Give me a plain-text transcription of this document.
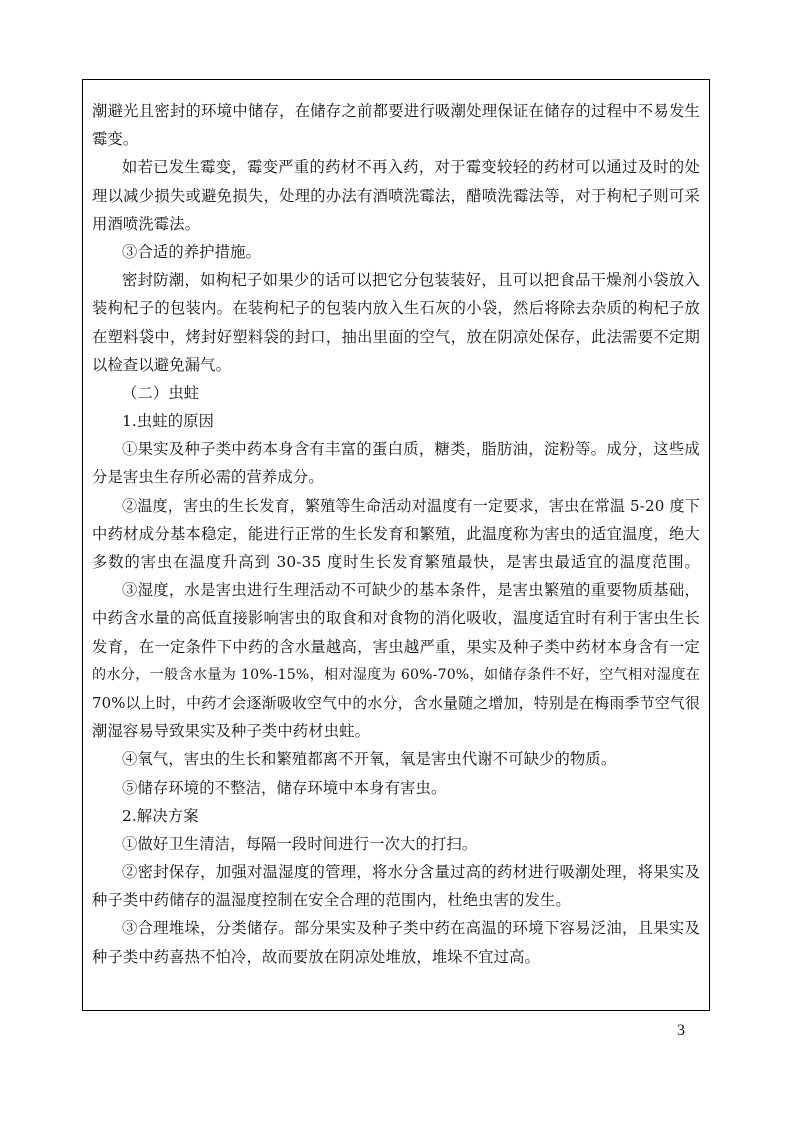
潮避光且密封的环境中储存，在储存之前都要进行吸潮处理保证在储存的过程中不易发生
霉变。
如若已发生霉变，霉变严重的药材不再入药，对于霉变较轻的药材可以通过及时的处
理以减少损失或避免损失，处理的办法有酒喷洗霉法，醋喷洗霉法等，对于枸杞子则可采
用酒喷洗霉法。
③合适的养护措施。
密封防潮，如枸杞子如果少的话可以把它分包装装好，且可以把食品干燥剂小袋放入
装枸杞子的包装内。在装枸杞子的包装内放入生石灰的小袋，然后将除去杂质的枸杞子放
在塑料袋中，烤封好塑料袋的封口，抽出里面的空气，放在阴凉处保存，此法需要不定期
以检查以避免漏气。
（二）虫蛀
1.虫蛀的原因
①果实及种子类中药本身含有丰富的蛋白质，糖类，脂肪油，淀粉等。成分，这些成
分是害虫生存所必需的营养成分。
②温度，害虫的生长发育，繁殖等生命活动对温度有一定要求，害虫在常温 5-20 度下
中药材成分基本稳定，能进行正常的生长发育和繁殖，此温度称为害虫的适宜温度，绝大
多数的害虫在温度升高到 30-35 度时生长发育繁殖最快，是害虫最适宜的温度范围。
③湿度，水是害虫进行生理活动不可缺少的基本条件，是害虫繁殖的重要物质基础，
中药含水量的高低直接影响害虫的取食和对食物的消化吸收，温度适宜时有利于害虫生长
发育，在一定条件下中药的含水量越高，害虫越严重，果实及种子类中药材本身含有一定
的水分，一般含水量为 10%-15%，相对湿度为 60%-70%，如储存条件不好，空气相对湿度在
70%以上时，中药才会逐渐吸收空气中的水分，含水量随之增加，特别是在梅雨季节空气很
潮湿容易导致果实及种子类中药材虫蛀。
④氧气，害虫的生长和繁殖都离不开氧，氧是害虫代谢不可缺少的物质。
⑤储存环境的不整洁，储存环境中本身有害虫。
2.解决方案
①做好卫生清洁，每隔一段时间进行一次大的打扫。
②密封保存，加强对温湿度的管理，将水分含量过高的药材进行吸潮处理，将果实及
种子类中药储存的温湿度控制在安全合理的范围内，杜绝虫害的发生。
③合理堆垛，分类储存。部分果实及种子类中药在高温的环境下容易泛油，且果实及
种子类中药喜热不怕冷，故而要放在阴凉处堆放，堆垛不宜过高。
3
